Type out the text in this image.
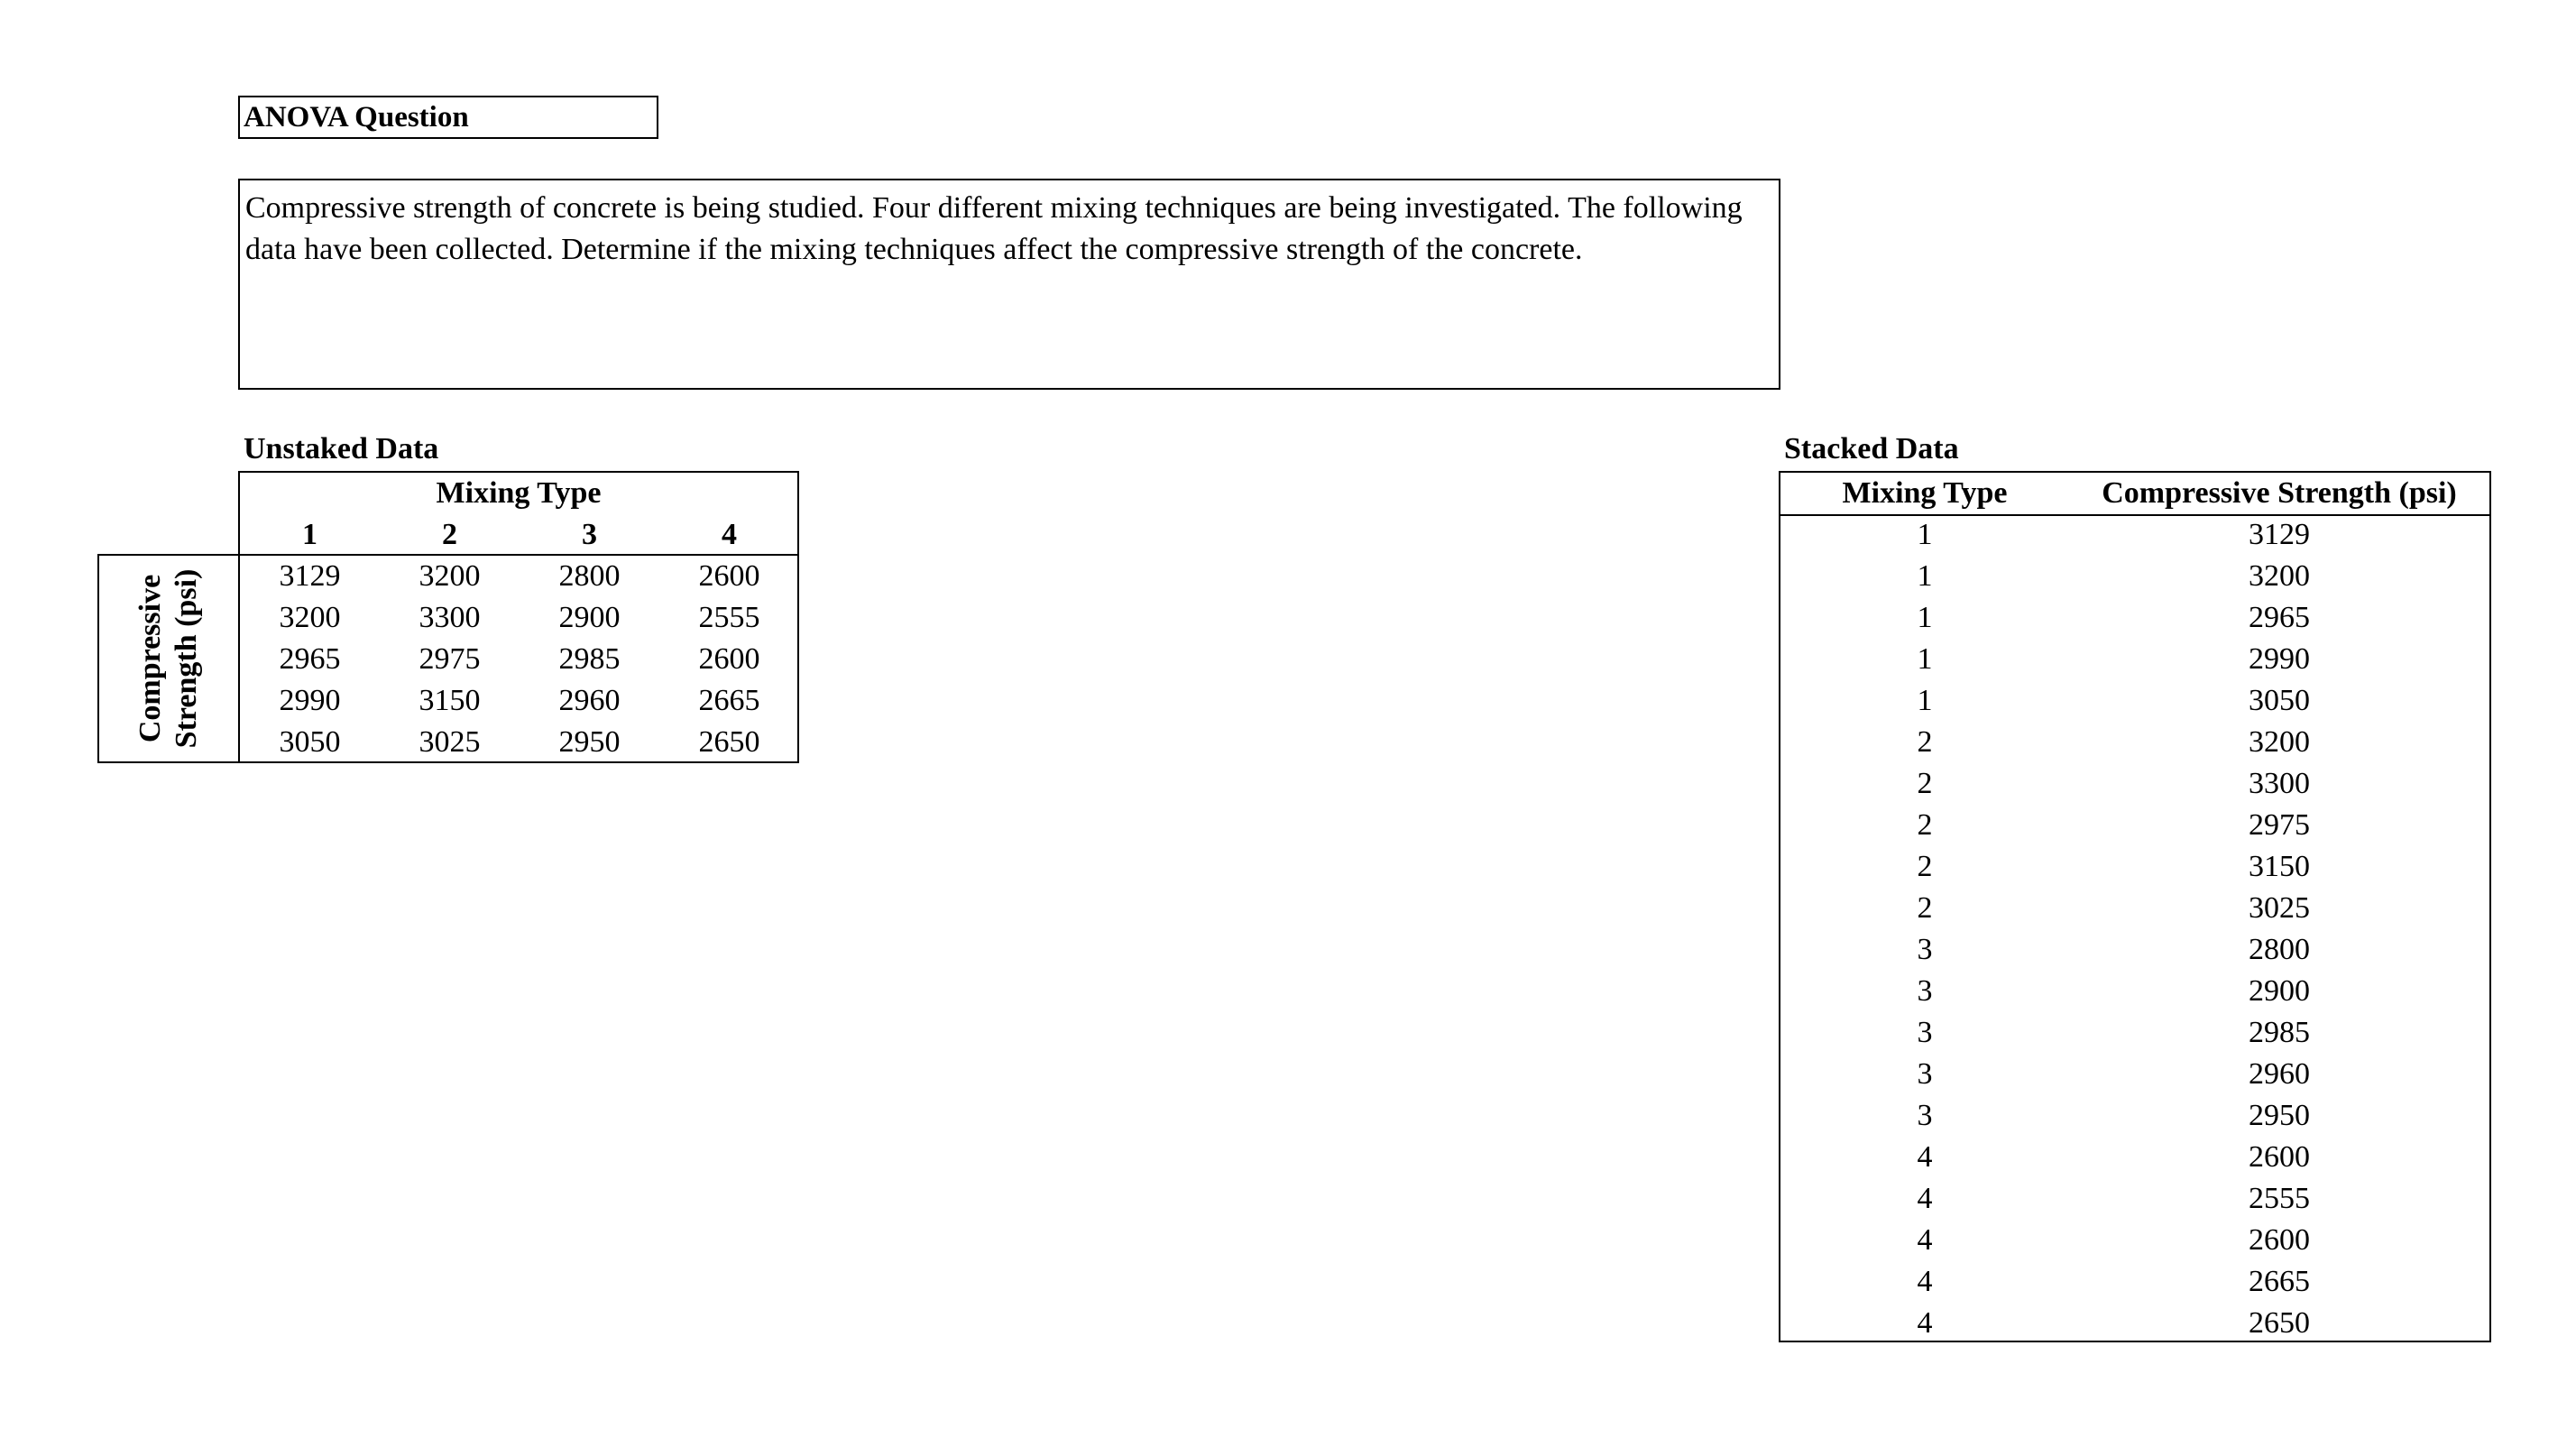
ANOVA Question
Compressive strength of concrete is being studied. Four different mixing techniques are being investigated. The following data have been collected. Determine if the mixing techniques affect the compressive strength of the concrete.
Unstaked Data	Stacked Data
Mixing Type
1	2	3	4
Compressive Strength (psi)	3129	3200	2800	2600
3200	3300	2900	2555
2965	2975	2985	2600
2990	3150	2960	2665
3050	3025	2950	2650
Mixing Type	Compressive Strength (psi)
1	3129
1	3200
1	2965
1	2990
1	3050
2	3200
2	3300
2	2975
2	3150
2	3025
3	2800
3	2900
3	2985
3	2960
3	2950
4	2600
4	2555
4	2600
4	2665
4	2650
